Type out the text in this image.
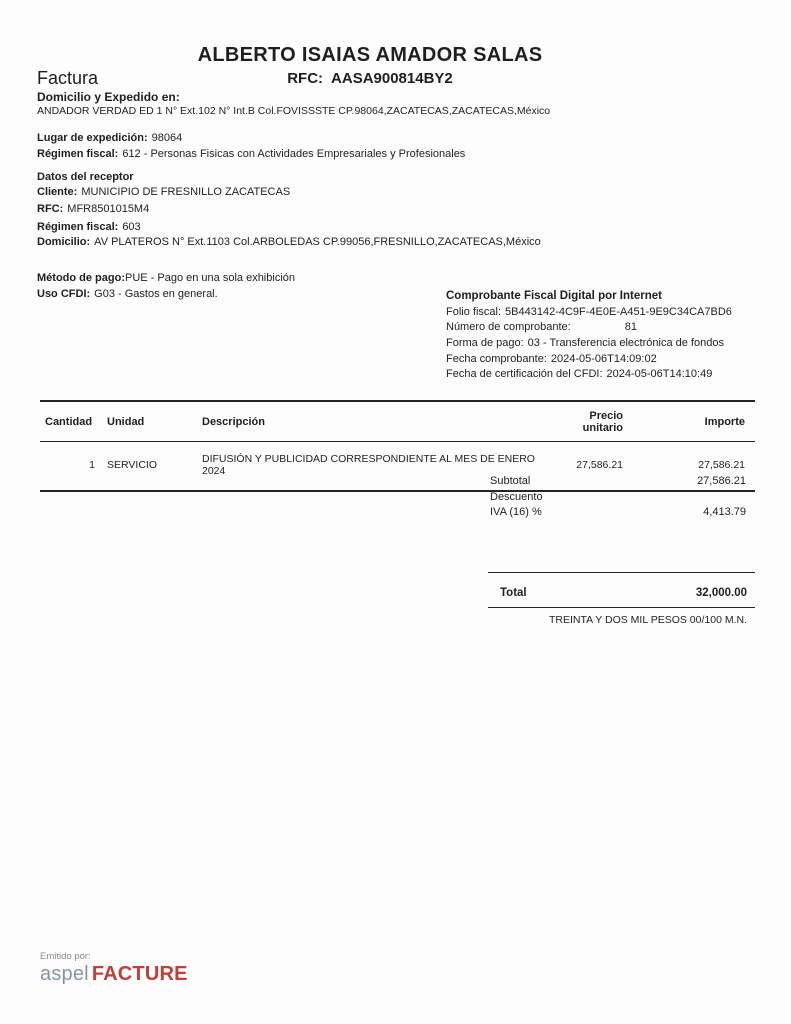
ALBERTO ISAIAS AMADOR SALAS
RFC: AASA900814BY2
Factura
Domicilio y Expedido en:
ANDADOR VERDAD ED 1 N° Ext.102 N° Int.B Col.FOVISSSTE CP.98064,ZACATECAS,ZACATECAS,México
Lugar de expedición: 98064
Régimen fiscal: 612 - Personas Fisicas con Actividades Empresariales y Profesionales
Datos del receptor
Cliente: MUNICIPIO DE FRESNILLO ZACATECAS
RFC: MFR8501015M4
Régimen fiscal: 603
Domicilio: AV PLATEROS N° Ext.1103 Col.ARBOLEDAS CP.99056,FRESNILLO,ZACATECAS,México
Método de pago:PUE - Pago en una sola exhibición
Uso CFDI: G03 - Gastos en general.	Comprobante Fiscal Digital por Internet
Folio fiscal: 5B443142-4C9F-4E0E-A451-9E9C34CA7BD6
Número de comprobante:	81
Forma de pago: 03 - Transferencia electrónica de fondos
Fecha comprobante: 2024-05-06T14:09:02
Fecha de certificación del CFDI: 2024-05-06T14:10:49
Cantidad	Unidad	Descripción	Precio unitario	Importe
1	SERVICIO	DIFUSIÓN Y PUBLICIDAD CORRESPONDIENTE AL MES DE ENERO 2024	27,586.21	27,586.21
Subtotal	27,586.21
Descuento
IVA (16) %	4,413.79
Total	32,000.00
TREINTA Y DOS MIL PESOS 00/100 M.N.
Emitido por:
aspel FACTURE
